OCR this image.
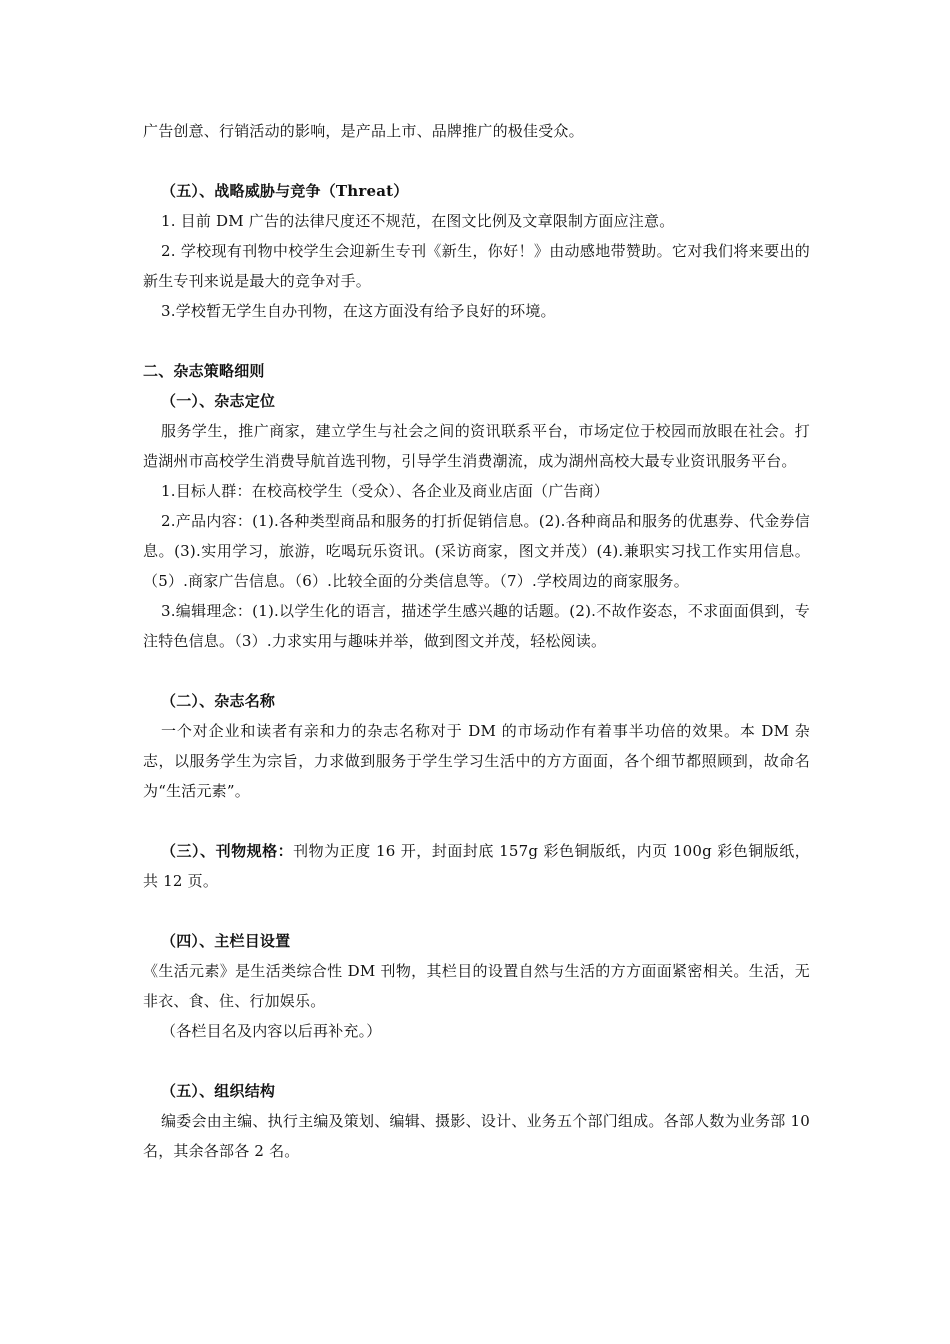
广告创意、行销活动的影响，是产品上市、品牌推广的极佳受众。

（五）、战略威胁与竞争（Threat）

1. 目前 DM 广告的法律尺度还不规范，在图文比例及文章限制方面应注意。

2. 学校现有刊物中校学生会迎新生专刊《新生，你好！》由动感地带赞助。它对我们将来要出的新生专刊来说是最大的竞争对手。

3.学校暂无学生自办刊物，在这方面没有给予良好的环境。

二、杂志策略细则

（一）、杂志定位

服务学生，推广商家，建立学生与社会之间的资讯联系平台，市场定位于校园而放眼在社会。打造湖州市高校学生消费导航首选刊物，引导学生消费潮流，成为湖州高校大最专业资讯服务平台。

1.目标人群：在校高校学生（受众）、各企业及商业店面（广告商）

2.产品内容：(1).各种类型商品和服务的打折促销信息。(2).各种商品和服务的优惠券、代金券信息。(3).实用学习，旅游，吃喝玩乐资讯。(采访商家，图文并茂）(4).兼职实习找工作实用信息。（5）.商家广告信息。（6）.比较全面的分类信息等。（7）.学校周边的商家服务。

3.编辑理念：(1).以学生化的语言，描述学生感兴趣的话题。(2).不故作姿态，不求面面俱到，专注特色信息。（3）.力求实用与趣味并举，做到图文并茂，轻松阅读。

（二）、杂志名称

一个对企业和读者有亲和力的杂志名称对于 DM 的市场动作有着事半功倍的效果。本 DM 杂志，以服务学生为宗旨，力求做到服务于学生学习生活中的方方面面，各个细节都照顾到，故命名为“生活元素”。

（三）、刊物规格：刊物为正度 16 开，封面封底 157g 彩色铜版纸，内页 100g 彩色铜版纸，共 12 页。

（四）、主栏目设置

《生活元素》是生活类综合性 DM 刊物，其栏目的设置自然与生活的方方面面紧密相关。生活，无非衣、食、住、行加娱乐。

（各栏目名及内容以后再补充。）

（五）、组织结构

编委会由主编、执行主编及策划、编辑、摄影、设计、业务五个部门组成。各部人数为业务部 10 名，其余各部各 2 名。
